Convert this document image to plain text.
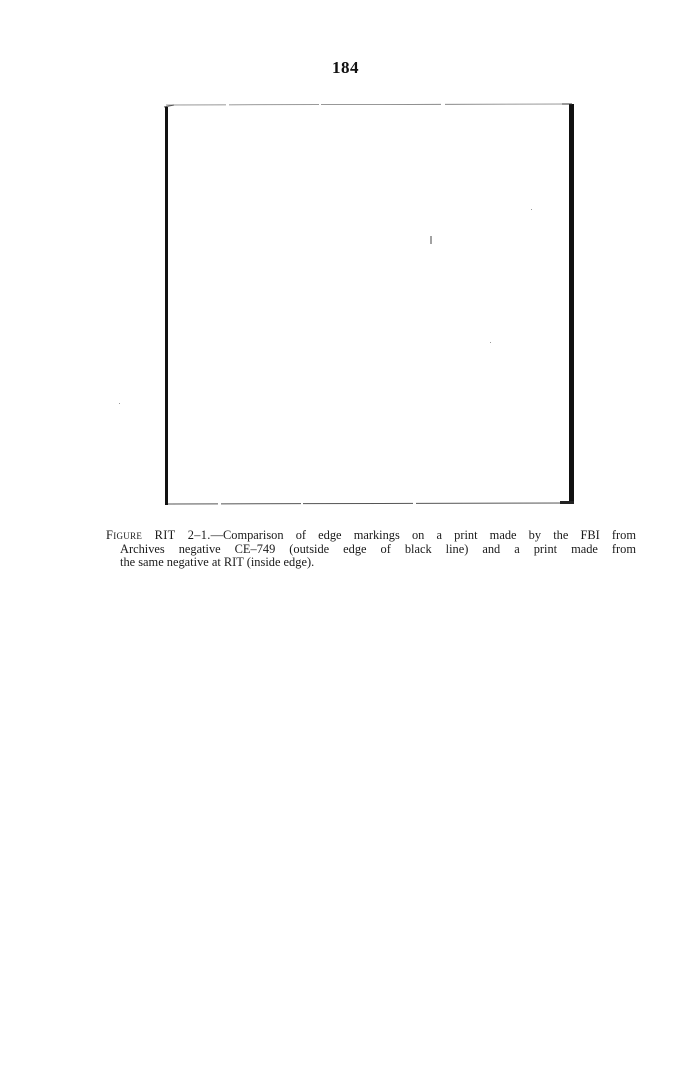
184
Figure RIT 2–1.—Comparison of edge markings on a print made by the FBI from
Archives negative CE–749 (outside edge of black line) and a print made from
the same negative at RIT (inside edge).
